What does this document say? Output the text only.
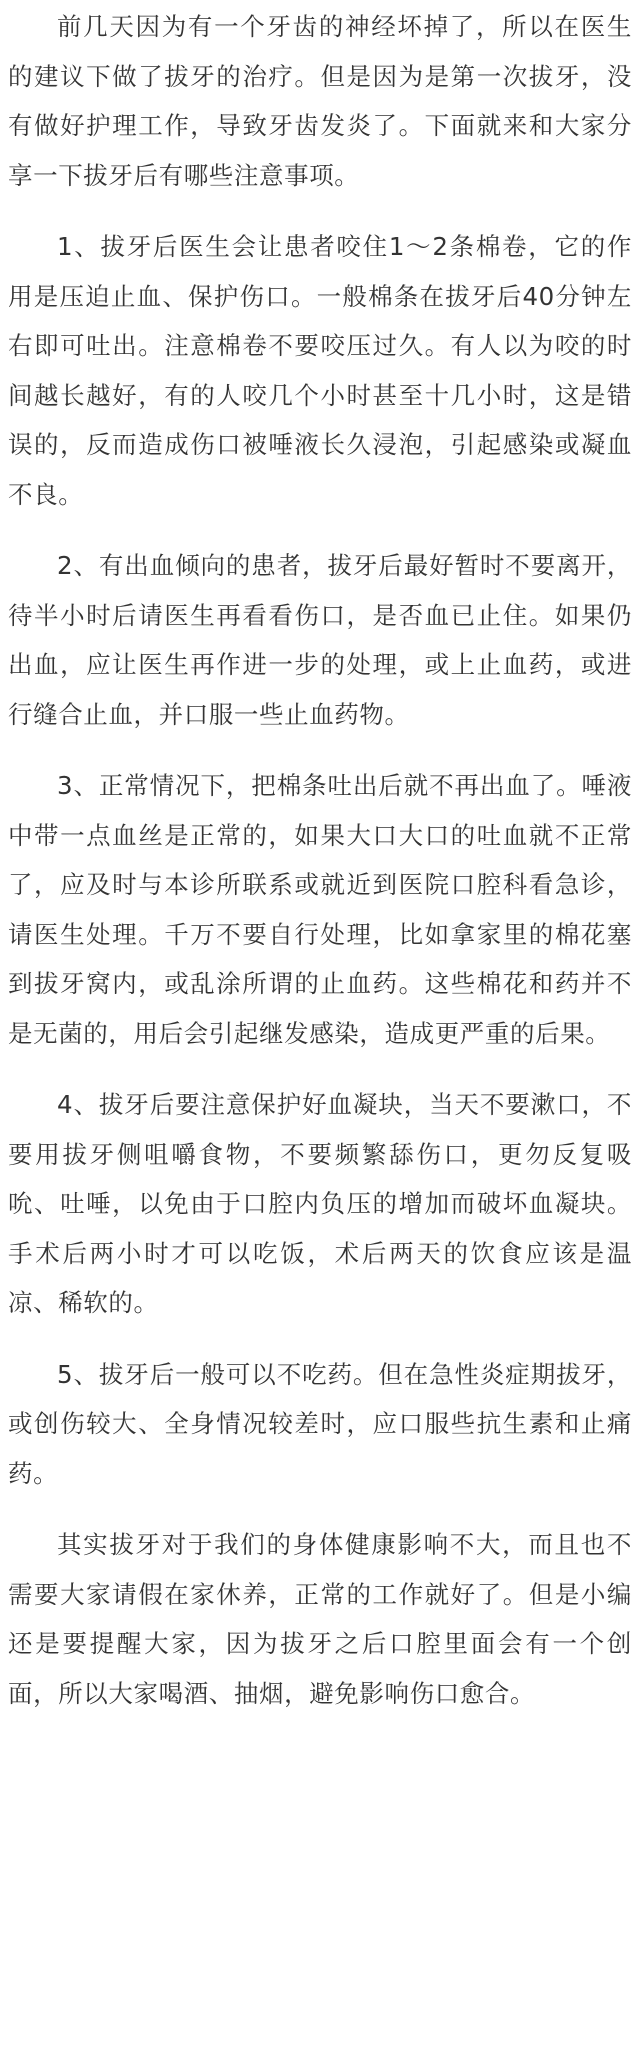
前几天因为有一个牙齿的神经坏掉了，所以在医生的建议下做了拔牙的治疗。但是因为是第一次拔牙，没有做好护理工作，导致牙齿发炎了。下面就来和大家分享一下拔牙后有哪些注意事项。

1、拔牙后医生会让患者咬住1～2条棉卷，它的作用是压迫止血、保护伤口。一般棉条在拔牙后40分钟左右即可吐出。注意棉卷不要咬压过久。有人以为咬的时间越长越好，有的人咬几个小时甚至十几小时，这是错误的，反而造成伤口被唾液长久浸泡，引起感染或凝血不良。

2、有出血倾向的患者，拔牙后最好暂时不要离开，待半小时后请医生再看看伤口，是否血已止住。如果仍出血，应让医生再作进一步的处理，或上止血药，或进行缝合止血，并口服一些止血药物。

3、正常情况下，把棉条吐出后就不再出血了。唾液中带一点血丝是正常的，如果大口大口的吐血就不正常了，应及时与本诊所联系或就近到医院口腔科看急诊，请医生处理。千万不要自行处理，比如拿家里的棉花塞到拔牙窝内，或乱涂所谓的止血药。这些棉花和药并不是无菌的，用后会引起继发感染，造成更严重的后果。

4、拔牙后要注意保护好血凝块，当天不要漱口，不要用拔牙侧咀嚼食物，不要频繁舔伤口，更勿反复吸吮、吐唾，以免由于口腔内负压的增加而破坏血凝块。手术后两小时才可以吃饭，术后两天的饮食应该是温凉、稀软的。

5、拔牙后一般可以不吃药。但在急性炎症期拔牙，或创伤较大、全身情况较差时，应口服些抗生素和止痛药。

其实拔牙对于我们的身体健康影响不大，而且也不需要大家请假在家休养，正常的工作就好了。但是小编还是要提醒大家，因为拔牙之后口腔里面会有一个创面，所以大家喝酒、抽烟，避免影响伤口愈合。
